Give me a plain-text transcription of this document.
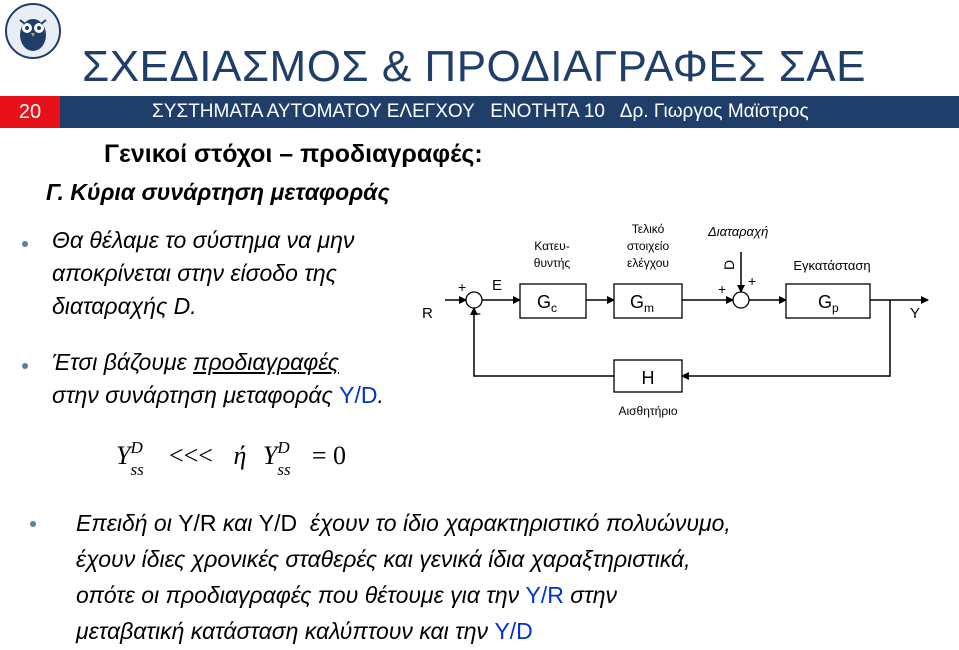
ΣΧΕΔΙΑΣΜΟΣ & ΠΡΟΔΙΑΓΡΑΦΕΣ ΣΑΕ
20	ΣΥΣΤΗΜΑΤΑ ΑΥΤΟΜΑΤΟΥ ΕΛΕΓΧΟΥ   ΕΝΟΤΗΤΑ 10   Δρ. Γιωργος Μαϊστρος
Γενικοί στόχοι – προδιαγραφές:
Γ. Κύρια συνάρτηση μεταφοράς
Θα θέλαμε το σύστημα να μην
αποκρίνεται στην είσοδο της
διαταραχής D.
Έτσι βάζουμε προδιαγραφές
στην συνάρτηση μεταφοράς Y/D.
Y D
ss <<< ή Y D
ss = 0
R
+
-
E
Κατευ-
θυντής
$G_c$
Τελικό
στοιχείο
ελέγχου
$G_m$
Διαταραχή
D
+ +
Εγκατάσταση
$G_p$	Y
H
Αισθητήριο
Επειδή οι Y/R και Y/D  έχουν το ίδιο χαρακτηριστικό πολυώνυμο,
έχουν ίδιες χρονικές σταθερές και γενικά ίδια χαραξτηριστικά,
οπότε οι προδιαγραφές που θέτουμε για την Y/R στην
μεταβατική κατάσταση καλύπτουν και την Y/D
